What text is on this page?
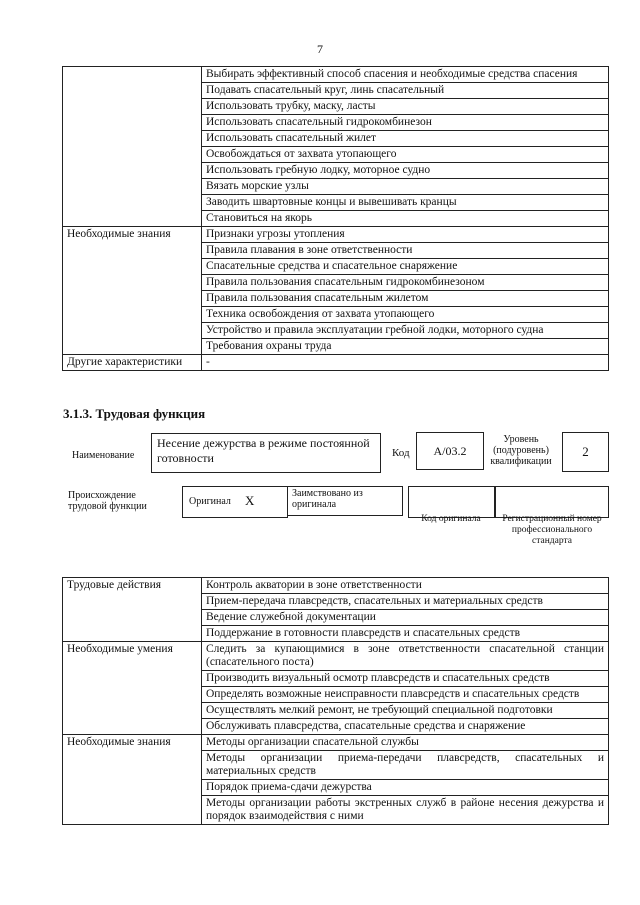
7
	Выбирать эффективный способ спасения и необходимые средства спасения
	Подавать спасательный круг, линь спасательный
	Использовать трубку, маску, ласты
	Использовать спасательный гидрокомбинезон
	Использовать спасательный жилет
	Освобождаться от захвата утопающего
	Использовать гребную лодку, моторное судно
	Вязать морские узлы
	Заводить швартовные концы и вывешивать кранцы
	Становиться на якорь
Необходимые знания	Признаки угрозы утопления
	Правила плавания в зоне ответственности
	Спасательные средства и спасательное снаряжение
	Правила пользования спасательным гидрокомбинезоном
	Правила пользования спасательным жилетом
	Техника освобождения от захвата утопающего
	Устройство и правила эксплуатации гребной лодки, моторного судна
	Требования охраны труда
Другие характеристики	-
3.1.3. Трудовая функция
Наименование
Несение дежурства в режиме постоянной готовности	Код	А/03.2
Уровень (подуровень) квалификации
2
Происхождение трудовой функции	Оригинал X	Заимствовано из оригинала
Код оригинала	Регистрационный номер профессионального стандарта
Трудовые действия	Контроль акватории в зоне ответственности
	Прием-передача плавсредств, спасательных и материальных средств
	Ведение служебной документации
	Поддержание в готовности плавсредств и спасательных средств
Необходимые умения	Следить за купающимися в зоне ответственности спасательной станции (спасательного поста)
	Производить визуальный осмотр плавсредств и спасательных средств
	Определять возможные неисправности плавсредств и спасательных средств
	Осуществлять мелкий ремонт, не требующий специальной подготовки
	Обслуживать плавсредства, спасательные средства и снаряжение
Необходимые знания	Методы организации спасательной службы
	Методы организации приема-передачи плавсредств, спасательных и материальных средств
	Порядок приема-сдачи дежурства
	Методы организации работы экстренных служб в районе несения дежурства и порядок взаимодействия с ними
